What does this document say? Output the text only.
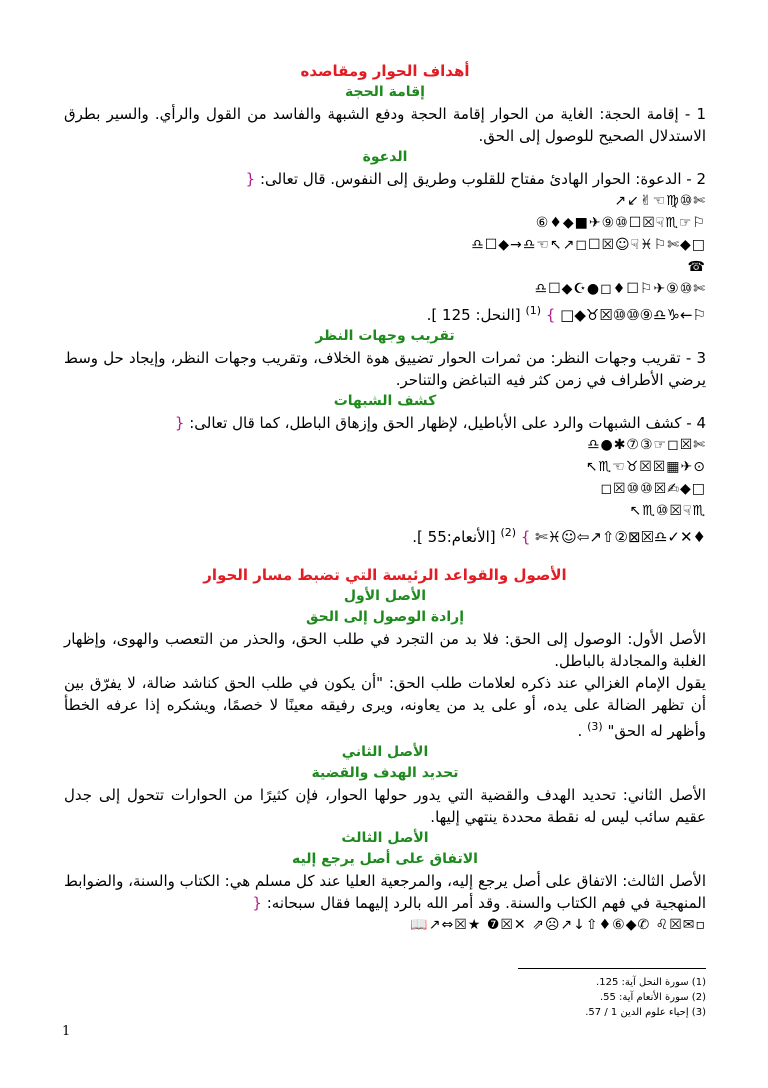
أهداف الحوار ومقاصده

إقامة الحجة

1 - إقامة الحجة: الغاية من الحوار إقامة الحجة ودفع الشبهة والفاسد من القول والرأي. والسير بطرق الاستدلال الصحيح للوصول إلى الحق.

الدعوة

2 - الدعوة: الحوار الهادئ مفتاح للقلوب وطريق إلى النفوس. قال تعالى: {

↗↙✌☜♍⑩✄

⑥♦◆■✈⑨⑩☐☒☟♏☞⚐

♎☐◆→♎☜↖↗◻☐☒☺☟♓⚐✄◆□

☎

♎☐◆☪●◻♦☐⚐✈⑨⑩✄

⚐←♑♎⑨⑩⑩☒♉◆□ } $^{(1)}$ [النحل: 125 ].

تقريب وجهات النظر

3 - تقريب وجهات النظر: من ثمرات الحوار تضييق هوة الخلاف، وتقريب وجهات النظر، وإيجاد حل وسط يرضي الأطراف في زمن كثر فيه التباغض والتناحر.

كشف الشبهات

4 - كشف الشبهات والرد على الأباطيل، لإظهار الحق وإزهاق الباطل، كما قال تعالى: {

♎●✱⑦③☞◻☒✄

↖♏☜♉☒☒▦✈⊙

◻☒⑩⑩☒✍◆□

↖♏⑩☒☟♏

♦✕✓♎☒⊠②⇧↗⇦☺♓✄ } $^{(2)}$ [الأنعام:55 ].

الأصول والقواعد الرئيسة التي تضبط مسار الحوار

الأصل الأول

إرادة الوصول إلى الحق

الأصل الأول: الوصول إلى الحق: فلا بد من التجرد في طلب الحق، والحذر من التعصب والهوى، وإظهار الغلبة والمجادلة بالباطل.

يقول الإمام الغزالي عند ذكره لعلامات طلب الحق: "أن يكون في طلب الحق كناشد ضالة، لا يفرّق بين أن تظهر الضالة على يده، أو على يد من يعاونه، ويرى رفيقه معينًا لا خصمًا، ويشكره إذا عرفه الخطأ وأظهر له الحق" $^{(3)}$ .

الأصل الثاني

تحديد الهدف والقضية

الأصل الثاني: تحديد الهدف والقضية التي يدور حولها الحوار، فإن كثيرًا من الحوارات تتحول إلى جدل عقيم سائب ليس له نقطة محددة ينتهي إليها.

الأصل الثالث

الاتفاق على أصل يرجع إليه

الأصل الثالث: الاتفاق على أصل يرجع إليه، والمرجعية العليا عند كل مسلم هي: الكتاب والسنة، والضوابط المنهجية في فهم الكتاب والسنة. وقد أمر الله بالرد إليهما فقال سبحانه: {

📖↗⇔☒★ ❼☒✕ ⇗☹↗↓⇧♦⑥◆✆ ♌☒✉▫

(1) سورة النحل آية: 125.
(2) سورة الأنعام آية: 55.
(3) إحياء علوم الدين 1 / 57.
1
